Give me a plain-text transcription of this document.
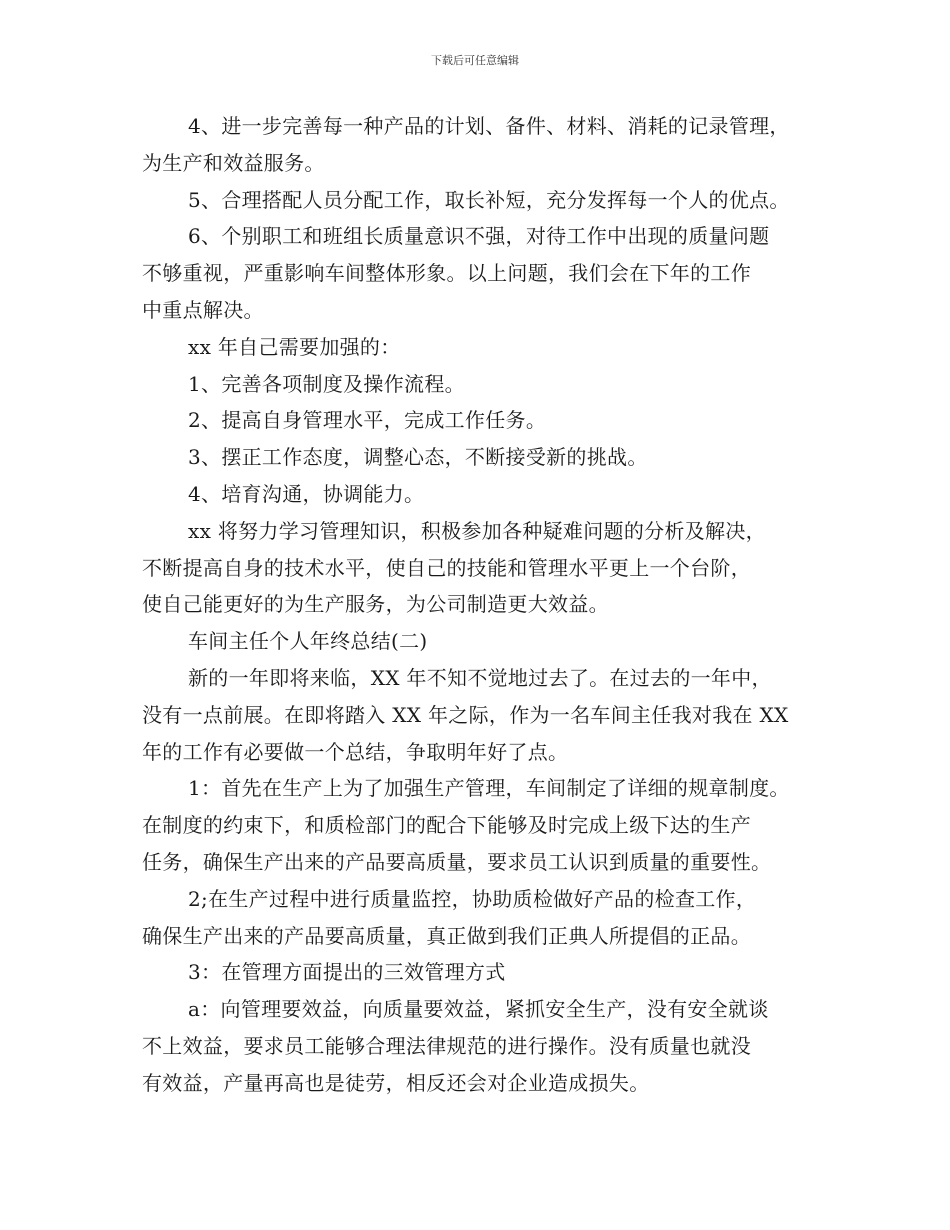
下载后可任意编辑
4、进一步完善每一种产品的计划、备件、材料、消耗的记录管理，
为生产和效益服务。
5、合理搭配人员分配工作，取长补短，充分发挥每一个人的优点。
6、个别职工和班组长质量意识不强，对待工作中出现的质量问题
不够重视，严重影响车间整体形象。以上问题，我们会在下年的工作
中重点解决。
xx 年自己需要加强的：
1、完善各项制度及操作流程。
2、提高自身管理水平，完成工作任务。
3、摆正工作态度，调整心态，不断接受新的挑战。
4、培育沟通，协调能力。
xx 将努力学习管理知识，积极参加各种疑难问题的分析及解决，
不断提高自身的技术水平，使自己的技能和管理水平更上一个台阶，
使自己能更好的为生产服务，为公司制造更大效益。
车间主任个人年终总结(二)
新的一年即将来临，XX 年不知不觉地过去了。在过去的一年中，
没有一点前展。在即将踏入 XX 年之际，作为一名车间主任我对我在 XX
年的工作有必要做一个总结，争取明年好了点。
1：首先在生产上为了加强生产管理，车间制定了详细的规章制度。
在制度的约束下，和质检部门的配合下能够及时完成上级下达的生产
任务，确保生产出来的产品要高质量，要求员工认识到质量的重要性。
2;在生产过程中进行质量监控，协助质检做好产品的检查工作，
确保生产出来的产品要高质量，真正做到我们正典人所提倡的正品。
3：在管理方面提出的三效管理方式
a：向管理要效益，向质量要效益，紧抓安全生产，没有安全就谈
不上效益，要求员工能够合理法律规范的进行操作。没有质量也就没
有效益，产量再高也是徒劳，相反还会对企业造成损失。
